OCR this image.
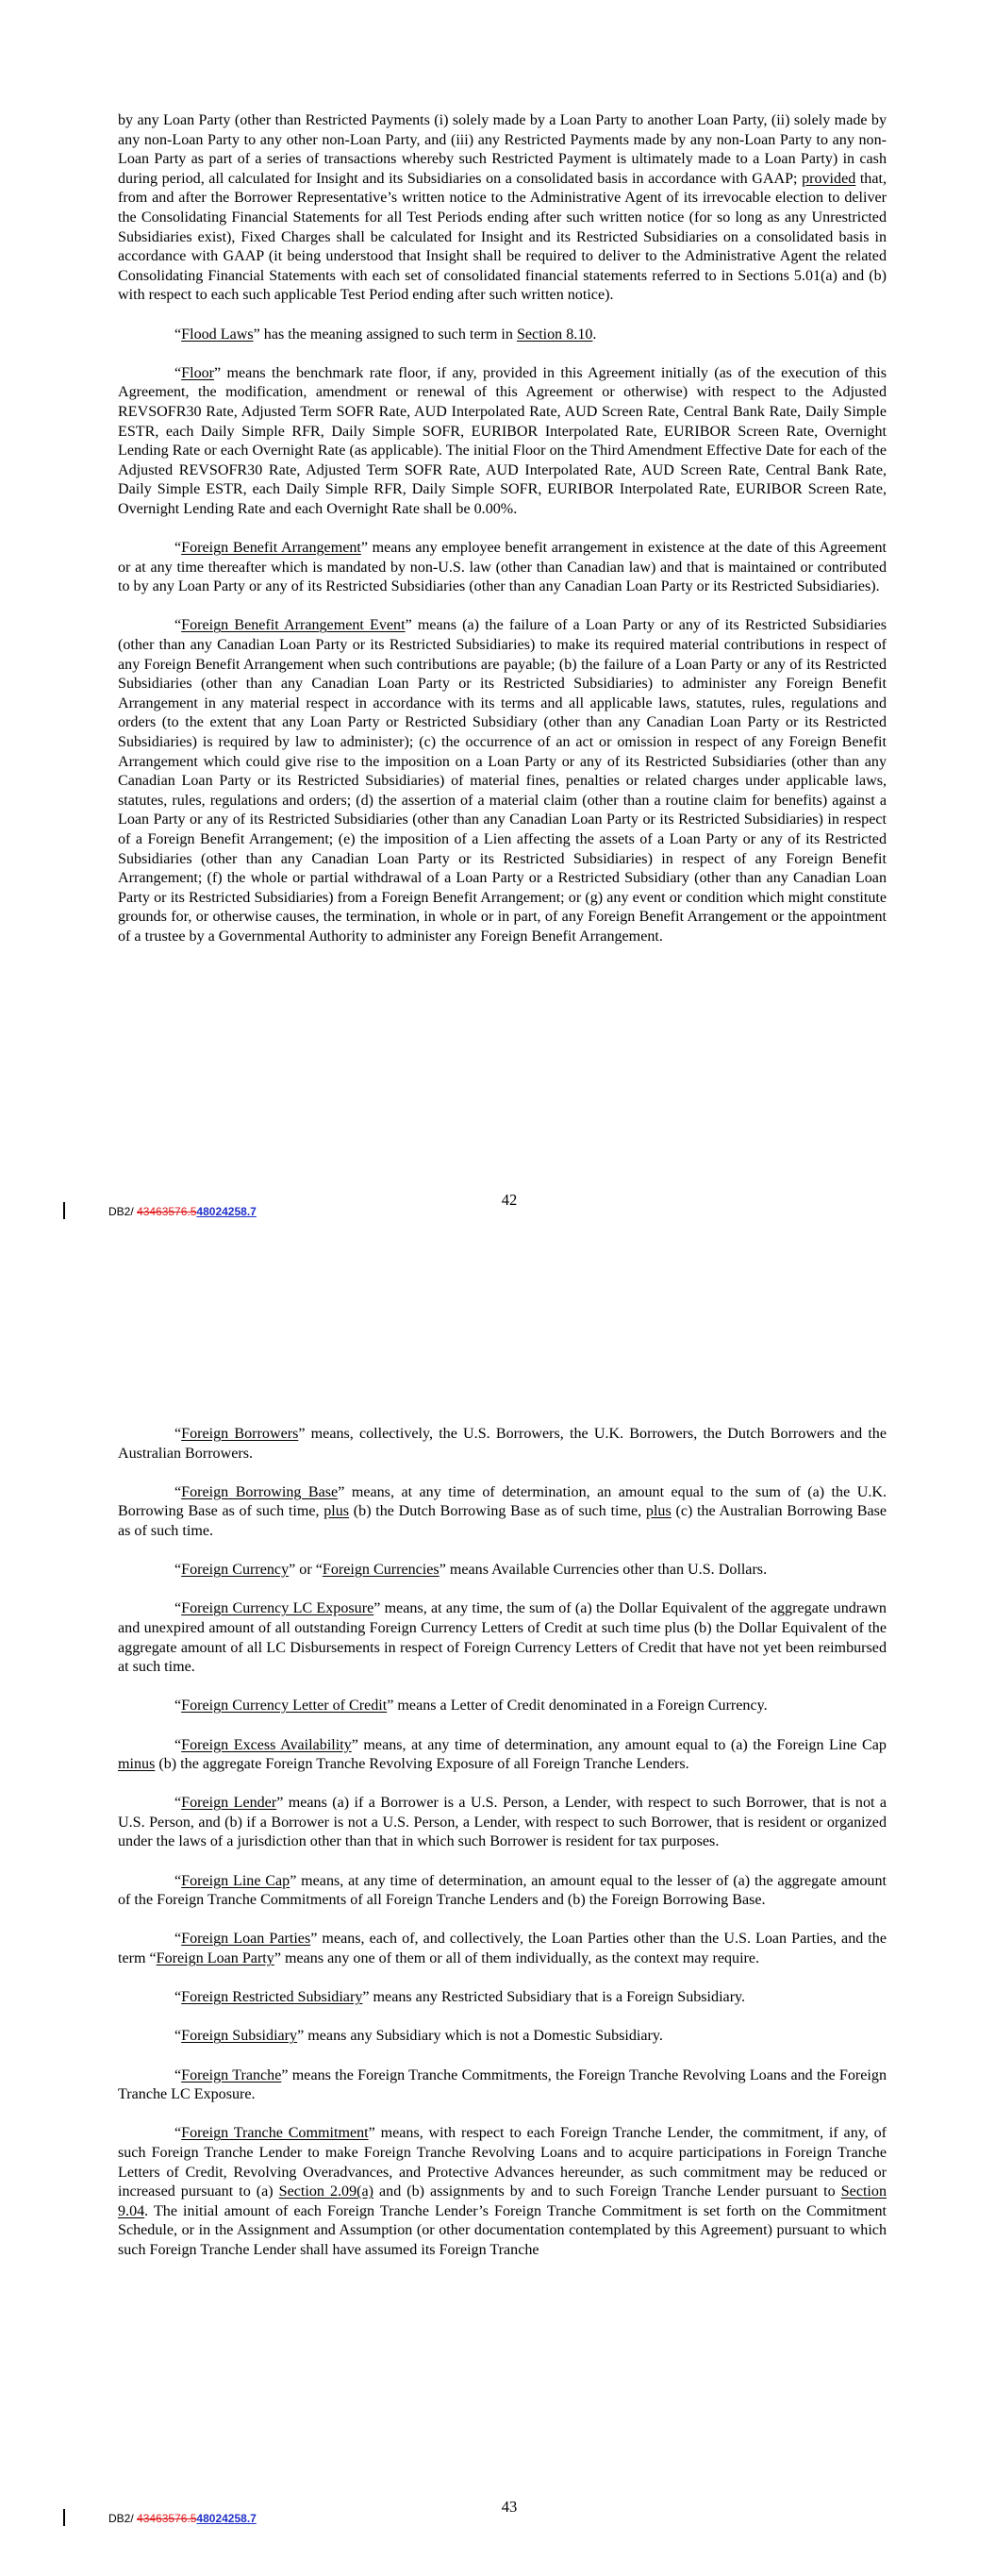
by any Loan Party (other than Restricted Payments (i) solely made by a Loan Party to another Loan Party, (ii) solely made by any non-Loan Party to any other non-Loan Party, and (iii) any Restricted Payments made by any non-Loan Party to any non-Loan Party as part of a series of transactions whereby such Restricted Payment is ultimately made to a Loan Party) in cash during period, all calculated for Insight and its Subsidiaries on a consolidated basis in accordance with GAAP; provided that, from and after the Borrower Representative’s written notice to the Administrative Agent of its irrevocable election to deliver the Consolidating Financial Statements for all Test Periods ending after such written notice (for so long as any Unrestricted Subsidiaries exist), Fixed Charges shall be calculated for Insight and its Restricted Subsidiaries on a consolidated basis in accordance with GAAP (it being understood that Insight shall be required to deliver to the Administrative Agent the related Consolidating Financial Statements with each set of consolidated financial statements referred to in Sections 5.01(a) and (b) with respect to each such applicable Test Period ending after such written notice).

“Flood Laws” has the meaning assigned to such term in Section 8.10.

“Floor” means the benchmark rate floor, if any, provided in this Agreement initially (as of the execution of this Agreement, the modification, amendment or renewal of this Agreement or otherwise) with respect to the Adjusted REVSOFR30 Rate, Adjusted Term SOFR Rate, AUD Interpolated Rate, AUD Screen Rate, Central Bank Rate, Daily Simple ESTR, each Daily Simple RFR, Daily Simple SOFR, EURIBOR Interpolated Rate, EURIBOR Screen Rate, Overnight Lending Rate or each Overnight Rate (as applicable). The initial Floor on the Third Amendment Effective Date for each of the Adjusted REVSOFR30 Rate, Adjusted Term SOFR Rate, AUD Interpolated Rate, AUD Screen Rate, Central Bank Rate, Daily Simple ESTR, each Daily Simple RFR, Daily Simple SOFR, EURIBOR Interpolated Rate, EURIBOR Screen Rate, Overnight Lending Rate and each Overnight Rate shall be 0.00%.

“Foreign Benefit Arrangement” means any employee benefit arrangement in existence at the date of this Agreement or at any time thereafter which is mandated by non-U.S. law (other than Canadian law) and that is maintained or contributed to by any Loan Party or any of its Restricted Subsidiaries (other than any Canadian Loan Party or its Restricted Subsidiaries).

“Foreign Benefit Arrangement Event” means (a) the failure of a Loan Party or any of its Restricted Subsidiaries (other than any Canadian Loan Party or its Restricted Subsidiaries) to make its required material contributions in respect of any Foreign Benefit Arrangement when such contributions are payable; (b) the failure of a Loan Party or any of its Restricted Subsidiaries (other than any Canadian Loan Party or its Restricted Subsidiaries) to administer any Foreign Benefit Arrangement in any material respect in accordance with its terms and all applicable laws, statutes, rules, regulations and orders (to the extent that any Loan Party or Restricted Subsidiary (other than any Canadian Loan Party or its Restricted Subsidiaries) is required by law to administer); (c) the occurrence of an act or omission in respect of any Foreign Benefit Arrangement which could give rise to the imposition on a Loan Party or any of its Restricted Subsidiaries (other than any Canadian Loan Party or its Restricted Subsidiaries) of material fines, penalties or related charges under applicable laws, statutes, rules, regulations and orders; (d) the assertion of a material claim (other than a routine claim for benefits) against a Loan Party or any of its Restricted Subsidiaries (other than any Canadian Loan Party or its Restricted Subsidiaries) in respect of a Foreign Benefit Arrangement; (e) the imposition of a Lien affecting the assets of a Loan Party or any of its Restricted Subsidiaries (other than any Canadian Loan Party or its Restricted Subsidiaries) in respect of any Foreign Benefit Arrangement; (f) the whole or partial withdrawal of a Loan Party or a Restricted Subsidiary (other than any Canadian Loan Party or its Restricted Subsidiaries) from a Foreign Benefit Arrangement; or (g) any event or condition which might constitute grounds for, or otherwise causes, the termination, in whole or in part, of any Foreign Benefit Arrangement or the appointment of a trustee by a Governmental Authority to administer any Foreign Benefit Arrangement.

DB2/ 43463576.548024258.7
42

“Foreign Borrowers” means, collectively, the U.S. Borrowers, the U.K. Borrowers, the Dutch Borrowers and the Australian Borrowers.

“Foreign Borrowing Base” means, at any time of determination, an amount equal to the sum of (a) the U.K. Borrowing Base as of such time, plus (b) the Dutch Borrowing Base as of such time, plus (c) the Australian Borrowing Base as of such time.

“Foreign Currency” or “Foreign Currencies” means Available Currencies other than U.S. Dollars.

“Foreign Currency LC Exposure” means, at any time, the sum of (a) the Dollar Equivalent of the aggregate undrawn and unexpired amount of all outstanding Foreign Currency Letters of Credit at such time plus (b) the Dollar Equivalent of the aggregate amount of all LC Disbursements in respect of Foreign Currency Letters of Credit that have not yet been reimbursed at such time.

“Foreign Currency Letter of Credit” means a Letter of Credit denominated in a Foreign Currency.

“Foreign Excess Availability” means, at any time of determination, any amount equal to (a) the Foreign Line Cap minus (b) the aggregate Foreign Tranche Revolving Exposure of all Foreign Tranche Lenders.

“Foreign Lender” means (a) if a Borrower is a U.S. Person, a Lender, with respect to such Borrower, that is not a U.S. Person, and (b) if a Borrower is not a U.S. Person, a Lender, with respect to such Borrower, that is resident or organized under the laws of a jurisdiction other than that in which such Borrower is resident for tax purposes.

“Foreign Line Cap” means, at any time of determination, an amount equal to the lesser of (a) the aggregate amount of the Foreign Tranche Commitments of all Foreign Tranche Lenders and (b) the Foreign Borrowing Base.

“Foreign Loan Parties” means, each of, and collectively, the Loan Parties other than the U.S. Loan Parties, and the term “Foreign Loan Party” means any one of them or all of them individually, as the context may require.

“Foreign Restricted Subsidiary” means any Restricted Subsidiary that is a Foreign Subsidiary.

“Foreign Subsidiary” means any Subsidiary which is not a Domestic Subsidiary.

“Foreign Tranche” means the Foreign Tranche Commitments, the Foreign Tranche Revolving Loans and the Foreign Tranche LC Exposure.

“Foreign Tranche Commitment” means, with respect to each Foreign Tranche Lender, the commitment, if any, of such Foreign Tranche Lender to make Foreign Tranche Revolving Loans and to acquire participations in Foreign Tranche Letters of Credit, Revolving Overadvances, and Protective Advances hereunder, as such commitment may be reduced or increased pursuant to (a) Section 2.09(a) and (b) assignments by and to such Foreign Tranche Lender pursuant to Section 9.04. The initial amount of each Foreign Tranche Lender’s Foreign Tranche Commitment is set forth on the Commitment Schedule, or in the Assignment and Assumption (or other documentation contemplated by this Agreement) pursuant to which such Foreign Tranche Lender shall have assumed its Foreign Tranche

DB2/ 43463576.548024258.7
43
